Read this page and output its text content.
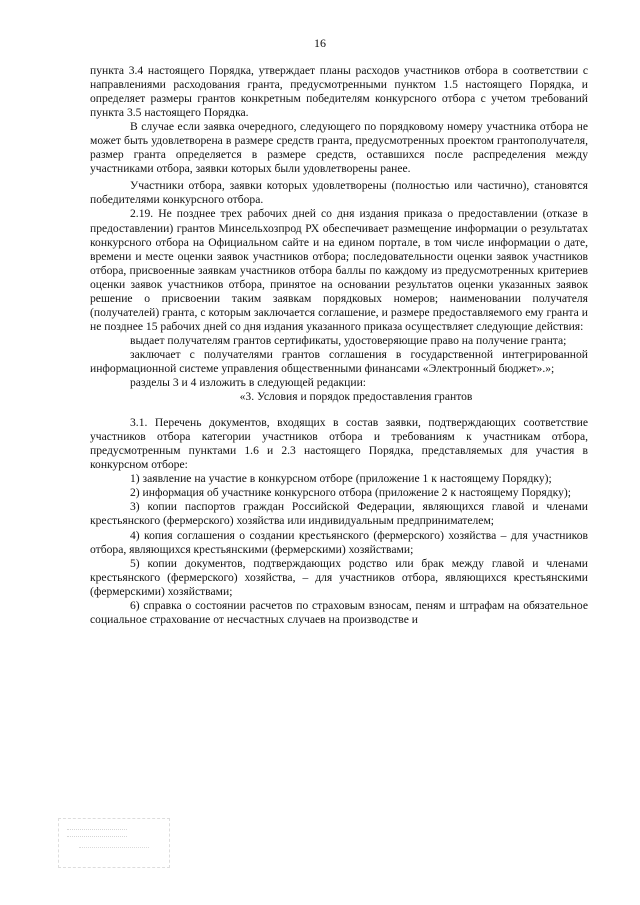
16

пункта 3.4 настоящего Порядка, утверждает планы расходов участников отбора в соответствии с направлениями расходования гранта, предусмотренными пунктом 1.5 настоящего Порядка, и определяет размеры грантов конкретным победителям конкурсного отбора с учетом требований пункта 3.5 настоящего Порядка.

В случае если заявка очередного, следующего по порядковому номеру участника отбора не может быть удовлетворена в размере средств гранта, предусмотренных проектом грантополучателя, размер гранта определяется в размере средств, оставшихся после распределения между участниками отбора, заявки которых были удовлетворены ранее.

Участники отбора, заявки которых удовлетворены (полностью или частично), становятся победителями конкурсного отбора.

2.19. Не позднее трех рабочих дней со дня издания приказа о предоставлении (отказе в предоставлении) грантов Минсельхозпрод РХ обеспечивает размещение информации о результатах конкурсного отбора на Официальном сайте и на едином портале, в том числе информации о дате, времени и месте оценки заявок участников отбора; последовательности оценки заявок участников отбора, присвоенные заявкам участников отбора баллы по каждому из предусмотренных критериев оценки заявок участников отбора, принятое на основании результатов оценки указанных заявок решение о присвоении таким заявкам порядковых номеров; наименовании получателя (получателей) гранта, с которым заключается соглашение, и размере предоставляемого ему гранта и не позднее 15 рабочих дней со дня издания указанного приказа осуществляет следующие действия:

выдает получателям грантов сертификаты, удостоверяющие право на получение гранта;

заключает с получателями грантов соглашения в государственной интегрированной информационной системе управления общественными финансами «Электронный бюджет».»;

разделы 3 и 4 изложить в следующей редакции:

«3. Условия и порядок предоставления грантов

3.1. Перечень документов, входящих в состав заявки, подтверждающих соответствие участников отбора категории участников отбора и требованиям к участникам отбора, предусмотренным пунктами 1.6 и 2.3 настоящего Порядка, представляемых для участия в конкурсном отборе:

1) заявление на участие в конкурсном отборе (приложение 1 к настоящему Порядку);

2) информация об участнике конкурсного отбора (приложение 2 к настоящему Порядку);

3) копии паспортов граждан Российской Федерации, являющихся главой и членами крестьянского (фермерского) хозяйства или индивидуальным предпринимателем;

4) копия соглашения о создании крестьянского (фермерского) хозяйства – для участников отбора, являющихся крестьянскими (фермерскими) хозяйствами;

5) копии документов, подтверждающих родство или брак между главой и членами крестьянского (фермерского) хозяйства, – для участников отбора, являющихся крестьянскими (фермерскими) хозяйствами;

6) справка о состоянии расчетов по страховым взносам, пеням и штрафам на обязательное социальное страхование от несчастных случаев на производстве и
